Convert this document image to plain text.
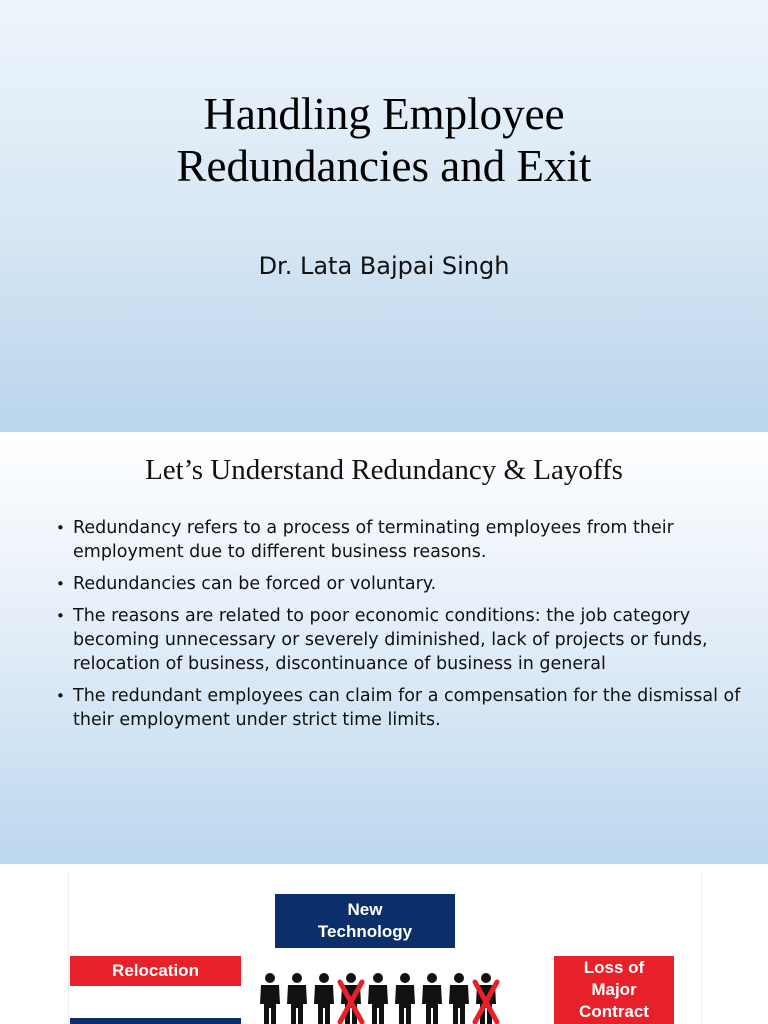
Handling Employee
Redundancies and Exit
Dr. Lata Bajpai Singh
Let’s Understand Redundancy & Layoffs
• Redundancy refers to a process of terminating employees from their employment due to different business reasons.
• Redundancies can be forced or voluntary.
• The reasons are related to poor economic conditions: the job category becoming unnecessary or severely diminished, lack of projects or funds, relocation of business, discontinuance of business in general
• The redundant employees can claim for a compensation for the dismissal of their employment under strict time limits.
New
Technology
Relocation	Loss of
Major
Contract
